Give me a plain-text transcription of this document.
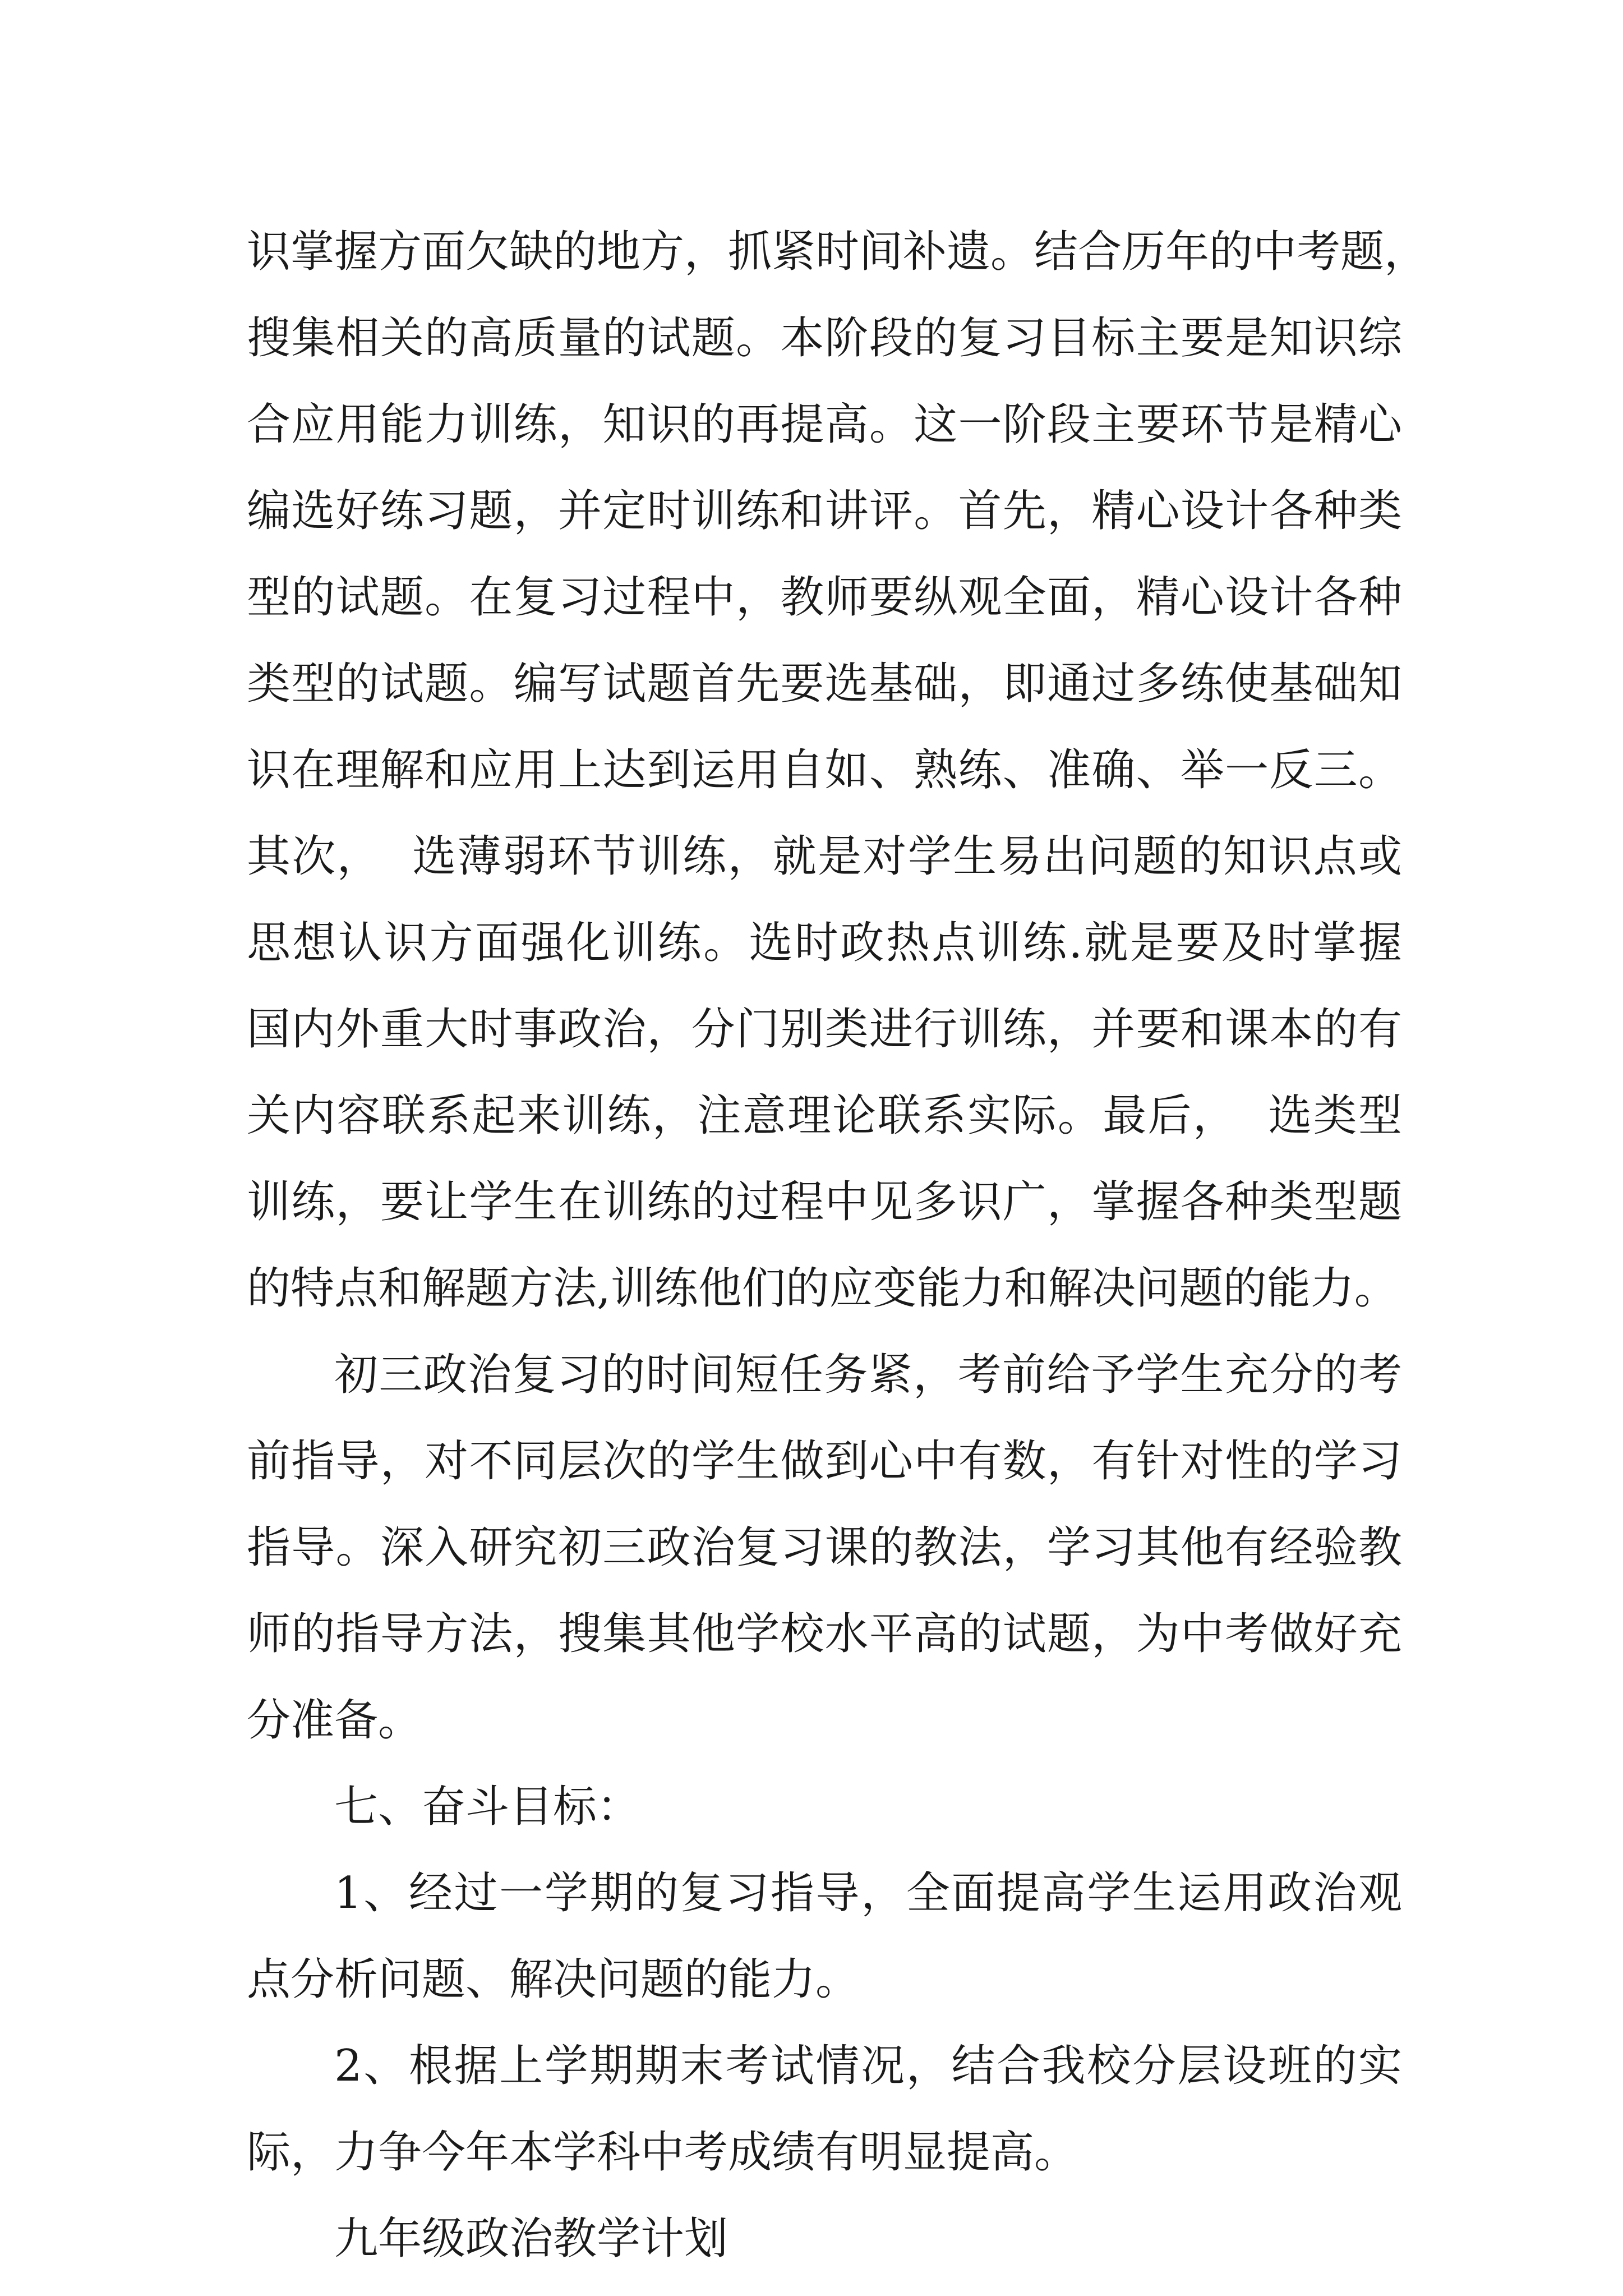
识掌握方面欠缺的地方，抓紧时间补遗。结合历年的中考题，
搜集相关的高质量的试题。本阶段的复习目标主要是知识综
合应用能力训练，知识的再提高。这一阶段主要环节是精心
编选好练习题，并定时训练和讲评。首先，精心设计各种类
型的试题。在复习过程中，教师要纵观全面，精心设计各种
类型的试题。编写试题首先要选基础，即通过多练使基础知
识在理解和应用上达到运用自如、熟练、准确、举一反三。
其次，  选薄弱环节训练，就是对学生易出问题的知识点或
思想认识方面强化训练。选时政热点训练.就是要及时掌握
国内外重大时事政治，分门别类进行训练，并要和课本的有
关内容联系起来训练，注意理论联系实际。最后，  选类型
训练，要让学生在训练的过程中见多识广，掌握各种类型题
的特点和解题方法,训练他们的应变能力和解决问题的能力。
初三政治复习的时间短任务紧，考前给予学生充分的考
前指导，对不同层次的学生做到心中有数，有针对性的学习
指导。深入研究初三政治复习课的教法，学习其他有经验教
师的指导方法，搜集其他学校水平高的试题，为中考做好充
分准备。
七、奋斗目标：
1、经过一学期的复习指导，全面提高学生运用政治观
点分析问题、解决问题的能力。
2、根据上学期期末考试情况，结合我校分层设班的实
际，力争今年本学科中考成绩有明显提高。
九年级政治教学计划
